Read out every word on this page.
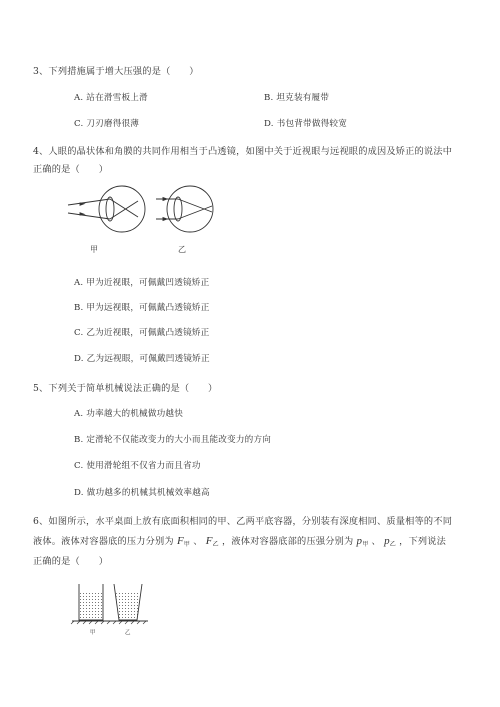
3、下列措施属于增大压强的是（　　）
A. 站在滑雪板上滑	B. 坦克装有履带
C. 刀刃磨得很薄	D. 书包背带做得较宽
4、人眼的晶状体和角膜的共同作用相当于凸透镜，如图中关于近视眼与远视眼的成因及矫正的说法中
正确的是（　　）
甲	乙
A. 甲为近视眼，可佩戴凹透镜矫正
B. 甲为远视眼，可佩戴凸透镜矫正
C. 乙为近视眼，可佩戴凸透镜矫正
D. 乙为远视眼，可佩戴凹透镜矫正
5、下列关于简单机械说法正确的是（　　）
A. 功率越大的机械做功越快
B. 定滑轮不仅能改变力的大小而且能改变力的方向
C. 使用滑轮组不仅省力而且省功
D. 做功越多的机械其机械效率越高
6、如图所示，水平桌面上放有底面积相同的甲、乙两平底容器，分别装有深度相同、质量相等的不同
液体。液体对容器底的压力分别为 $F_甲$ 、 $F_乙$ ，液体对容器底部的压强分别为 $p_甲$ 、 $p_乙$ ，下列说法
正确的是（　　）
甲	乙
